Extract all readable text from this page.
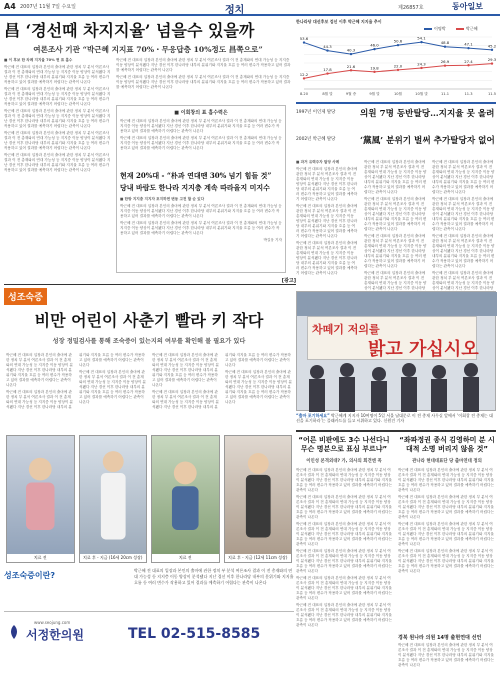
A4 2007년 11월 7일 수요일	정치	제26857호	동아일보
昌 ‘경선때 차지지율’ 넘을수 있을까
여론조사 기관 “박근혜 지지표 70%・무응답층 10%정도 昌쪽으로”

■ 이 후보 한 차례 지지율 70% 현 표 흡수

박근혜 전 대표의 입장과 본인의 출마에 관한 정치 부 분석 여론조사 결과 이 전 총재와의 연대 가능성 등 지지층 이동 양상이 분석됐다 지난 경선 이후 한나라당 내부의 분위기와 지지율 흐름 등 여러 변수가 작용하고 있어 결과를 예측하기 어렵다는 관측이 나온다

박근혜 전 대표의 입장과 본인의 출마에 관한 정치 부 분석 여론조사 결과 이 전 총재와의 연대 가능성 등 지지층 이동 양상이 분석됐다 지난 경선 이후 한나라당 내부의 분위기와 지지율 흐름 등 여러 변수가 작용하고 있어 결과를 예측하기 어렵다는 관측이 나온다

박근혜 전 대표의 입장과 본인의 출마에 관한 정치 부 분석 여론조사 결과 이 전 총재와의 연대 가능성 등 지지층 이동 양상이 분석됐다 지난 경선 이후 한나라당 내부의 분위기와 지지율 흐름 등 여러 변수가 작용하고 있어 결과를 예측하기 어렵다는 관측이 나온다

박근혜 전 대표의 입장과 본인의 출마에 관한 정치 부 분석 여론조사 결과 이 전 총재와의 연대 가능성 등 지지층 이동 양상이 분석됐다 지난 경선 이후 한나라당 내부의 분위기와 지지율 흐름 등 여러 변수가 작용하고 있어 결과를 예측하기 어렵다는 관측이 나온다

박근혜 전 대표의 입장과 본인의 출마에 관한 정치 부 분석 여론조사 결과 이 전 총재와의 연대 가능성 등 지지층 이동 양상이 분석됐다 지난 경선 이후 한나라당 내부의 분위기와 지지율 흐름 등 여러 변수가 작용하고 있어 결과를 예측하기 어렵다는 관측이 나온다

박근혜 전 대표의 입장과 본인의 출마에 관한 정치 부 분석 여론조사 결과 이 전 총재와의 연대 가능성 등 지지층 이동 양상이 분석됐다 지난 경선 이후 한나라당 내부의 분위기와 지지율 흐름 등 여러 변수가 작용하고 있어 결과를 예측하기 어렵다는 관측이 나온다

박근혜 전 대표의 입장과 본인의 출마에 관한 정치 부 분석 여론조사 결과 이 전 총재와의 연대 가능성 등 지지층 이동 양상이 분석됐다 지난 경선 이후 한나라당 내부의 분위기와 지지율 흐름 등 여러 변수가 작용하고 있어 결과를 예측하기 어렵다는 관측이 나온다

■ 이회창의 표 흡수력은

박근혜 전 대표의 입장과 본인의 출마에 관한 정치 부 분석 여론조사 결과 이 전 총재와의 연대 가능성 등 지지층 이동 양상이 분석됐다 지난 경선 이후 한나라당 내부의 분위기와 지지율 흐름 등 여러 변수가 작용하고 있어 결과를 예측하기 어렵다는 관측이 나온다

박근혜 전 대표의 입장과 본인의 출마에 관한 정치 부 분석 여론조사 결과 이 전 총재와의 연대 가능성 등 지지층 이동 양상이 분석됐다 지난 경선 이후 한나라당 내부의 분위기와 지지율 흐름 등 여러 변수가 작용하고 있어 결과를 예측하기 어렵다는 관측이 나온다

현재 20%대 - “朴과 연대땐 30% 넘기 힘들 것”
당내 바람도 한나라 지지층 계속 따라올지 미지수

■ 한방 지지층 지지자 포지하면 변동 고전 할 순 있다

박근혜 전 대표의 입장과 본인의 출마에 관한 정치 부 분석 여론조사 결과 이 전 총재와의 연대 가능성 등 지지층 이동 양상이 분석됐다 지난 경선 이후 한나라당 내부의 분위기와 지지율 흐름 등 여러 변수가 작용하고 있어 결과를 예측하기 어렵다는 관측이 나온다

박근혜 전 대표의 입장과 본인의 출마에 관한 정치 부 분석 여론조사 결과 이 전 총재와의 연대 가능성 등 지지층 이동 양상이 분석됐다 지난 경선 이후 한나라당 내부의 분위기와 지지율 흐름 등 여러 변수가 작용하고 있어 결과를 예측하기 어렵다는 관측이 나온다

박길웅 기자

한나라당 대선후보 검선 이후 박근혜 지지율 추이
이명박	박근혜
8.20	8월 말	9월 중	9월 말	10월	10월 말	11.1	11.3	11.5
53.6
44.3
40.3
46.0
50.6
54.1
48.8	47.1	45.2
12.2
17.8
21.6	19.8	22.0	24.3	26.9	27.4	29.3
1997년 이인제 탈당	의원 7명 동반탈당…지지율 못 올려
2002년 박근혜 탈당	‘黨風’ 분위기 벌써 추가탈당자 없어

■ 과거 유력주자 탈당 사례

박근혜 전 대표의 입장과 본인의 출마에 관한 정치 부 분석 여론조사 결과 이 전 총재와의 연대 가능성 등 지지층 이동 양상이 분석됐다 지난 경선 이후 한나라당 내부의 분위기와 지지율 흐름 등 여러 변수가 작용하고 있어 결과를 예측하기 어렵다는 관측이 나온다

박근혜 전 대표의 입장과 본인의 출마에 관한 정치 부 분석 여론조사 결과 이 전 총재와의 연대 가능성 등 지지층 이동 양상이 분석됐다 지난 경선 이후 한나라당 내부의 분위기와 지지율 흐름 등 여러 변수가 작용하고 있어 결과를 예측하기 어렵다는 관측이 나온다

박근혜 전 대표의 입장과 본인의 출마에 관한 정치 부 분석 여론조사 결과 이 전 총재와의 연대 가능성 등 지지층 이동 양상이 분석됐다 지난 경선 이후 한나라당 내부의 분위기와 지지율 흐름 등 여러 변수가 작용하고 있어 결과를 예측하기 어렵다는 관측이 나온다

박근혜 전 대표의 입장과 본인의 출마에 관한 정치 부 분석 여론조사 결과 이 전 총재와의 연대 가능성 등 지지층 이동 양상이 분석됐다 지난 경선 이후 한나라당 내부의 분위기와 지지율 흐름 등 여러 변수가 작용하고 있어 결과를 예측하기 어렵다는 관측이 나온다

박근혜 전 대표의 입장과 본인의 출마에 관한 정치 부 분석 여론조사 결과 이 전 총재와의 연대 가능성 등 지지층 이동 양상이 분석됐다 지난 경선 이후 한나라당 내부의 분위기와 지지율 흐름 등 여러 변수가 작용하고 있어 결과를 예측하기 어렵다는 관측이 나온다

박근혜 전 대표의 입장과 본인의 출마에 관한 정치 부 분석 여론조사 결과 이 전 총재와의 연대 가능성 등 지지층 이동 양상이 분석됐다 지난 경선 이후 한나라당 내부의 분위기와 지지율 흐름 등 여러 변수가 작용하고 있어 결과를 예측하기 어렵다는 관측이 나온다

박근혜 전 대표의 입장과 본인의 출마에 관한 정치 부 분석 여론조사 결과 이 전 총재와의 연대 가능성 등 지지층 이동 양상이 분석됐다 지난 경선 이후 한나라당

박근혜 전 대표의 입장과 본인의 출마에 관한 정치 부 분석 여론조사 결과 이 전 총재와의 연대 가능성 등 지지층 이동 양상이 분석됐다 지난 경선 이후 한나라당 내부의 분위기와 지지율 흐름 등 여러 변수가 작용하고 있어 결과를 예측하기 어렵다는 관측이 나온다

박근혜 전 대표의 입장과 본인의 출마에 관한 정치 부 분석 여론조사 결과 이 전 총재와의 연대 가능성 등 지지층 이동 양상이 분석됐다 지난 경선 이후 한나라당 내부의 분위기와 지지율 흐름 등 여러 변수가 작용하고 있어 결과를 예측하기 어렵다는 관측이 나온다

박근혜 전 대표의 입장과 본인의 출마에 관한 정치 부 분석 여론조사 결과 이 전 총재와의 연대 가능성 등 지지층 이동 양상이 분석됐다 지난 경선 이후 한나라당 내부의 분위기와 지지율 흐름 등 여러 변수가 작용하고 있어 결과를 예측하기 어렵다는 관측이 나온다

박근혜 전 대표의 입장과 본인의 출마에 관한 정치 부 분석 여론조사 결과 이 전 총재와의 연대 가능성 등 지지층 이동 양상이 분석됐다 지난 경선 이후 한나라당

[광고]
성조숙증
비만 어린이 사춘기 빨라 키 작다
성장 정밀검사를 통해 조숙증이 있는지의 여부를 확인해 볼 필요가 있다

박근혜 전 대표의 입장과 본인의 출마에 관한 정치 부 분석 여론조사 결과 이 전 총재와의 연대 가능성 등 지지층 이동 양상이 분석됐다 지난 경선 이후 한나라당 내부의 분위기와 지지율 흐름 등 여러 변수가 작용하고 있어 결과를 예측하기 어렵다는 관측이 나온다

박근혜 전 대표의 입장과 본인의 출마에 관한 정치 부 분석 여론조사 결과 이 전 총재와의 연대 가능성 등 지지층 이동 양상이 분석됐다 지난 경선 이후 한나라당 내부의 분위기와 지지율 흐름 등 여러 변수가 작용하고 있어 결과를 예측하기 어렵다는 관측이 나온다

박근혜 전 대표의 입장과 본인의 출마에 관한 정치 부 분석 여론조사 결과 이 전 총재와의 연대 가능성 등 지지층 이동 양상이 분석됐다 지난 경선 이후 한나라당 내부의 분위기와 지지율 흐름 등 여러 변수가 작용하고 있어 결과를 예측하기 어렵다는 관측이 나온다

박근혜 전 대표의 입장과 본인의 출마에 관한 정치 부 분석 여론조사 결과 이 전 총재와의 연대 가능성 등 지지층 이동 양상이 분석됐다 지난 경선 이후 한나라당 내부의 분위기와 지지율 흐름 등 여러 변수가 작용하고 있어 결과를 예측하기 어렵다는 관측이 나온다

박근혜 전 대표의 입장과 본인의 출마에 관한 정치 부 분석 여론조사 결과 이 전 총재와의 연대 가능성 등 지지층 이동 양상이 분석됐다 지난 경선 이후 한나라당 내부의 분위기와 지지율 흐름 등 여러 변수가 작용하고 있어 결과를 예측하기 어렵다는 관측이 나온다

박근혜 전 대표의 입장과 본인의 출마에 관한 정치 부 분석 여론조사 결과 이 전 총재와의 연대 가능성 등 지지층 이동 양상이 분석됐다 지난 경선 이후 한나라당 내부의 분위기와 지지율 흐름 등 여러 변수가 작용하고 있어 결과를 예측하기 어렵다는 관측이 나온다

치료 전	치료 후 - 지금 (16세 20cm 성장)	치료 전	치료 후 - 지금 (12세 11cm 성장)
성조숙증이란?

박근혜 전 대표의 입장과 본인의 출마에 관한 정치 부 분석 여론조사 결과 이 전 총재와의 연대 가능성 등 지지층 이동 양상이 분석됐다 지난 경선 이후 한나라당 내부의 분위기와 지지율 흐름 등 여러 변수가 작용하고 있어 결과를 예측하기 어렵다는 관측이 나온다

www.seojung.com
서정한의원	TEL 02-515-8585
차떼기 저의를
밝고 가십시오
“출마 포기하세요” 박근혜계 지지자 10여명이 5일 서울 남대문로 이 전 총재 사무실 앞에서 ‘이회창 전 총재는 대선을 포기하라’는 플래카드를 들고 시위하고 있다. 신원건 기자
“어른 비판에도 3수 나선다니 무슨 명분으로 표심 부르냐”
이인성 본격외대? 가, 의사의 회견엔 꼭

박근혜 전 대표의 입장과 본인의 출마에 관한 정치 부 분석 여론조사 결과 이 전 총재와의 연대 가능성 등 지지층 이동 양상이 분석됐다 지난 경선 이후 한나라당 내부의 분위기와 지지율 흐름 등 여러 변수가 작용하고 있어 결과를 예측하기 어렵다는 관측이 나온다

박근혜 전 대표의 입장과 본인의 출마에 관한 정치 부 분석 여론조사 결과 이 전 총재와의 연대 가능성 등 지지층 이동 양상이 분석됐다 지난 경선 이후 한나라당 내부의 분위기와 지지율 흐름 등 여러 변수가 작용하고 있어 결과를 예측하기 어렵다는 관측이 나온다

박근혜 전 대표의 입장과 본인의 출마에 관한 정치 부 분석 여론조사 결과 이 전 총재와의 연대 가능성 등 지지층 이동 양상이 분석됐다 지난 경선 이후 한나라당 내부의 분위기와 지지율 흐름 등 여러 변수가 작용하고 있어 결과를 예측하기 어렵다는 관측이 나온다

박근혜 전 대표의 입장과 본인의 출마에 관한 정치 부 분석 여론조사 결과 이 전 총재와의 연대 가능성 등 지지층 이동 양상이 분석됐다 지난 경선 이후 한나라당 내부의 분위기와 지지율 흐름 등 여러 변수가 작용하고 있어 결과를 예측하기 어렵다는 관측이 나온다

박근혜 전 대표의 입장과 본인의 출마에 관한 정치 부 분석 여론조사 결과 이 전 총재와의 연대 가능성 등 지지층 이동 양상이 분석됐다 지난 경선 이후 한나라당 내부의 분위기와 지지율 흐름 등 여러 변수가 작용하고 있어 결과를 예측하기 어렵다는 관측이 나온다

박근혜 전 대표의 입장과 본인의 출마에 관한 정치 부 분석 여론조사 결과 이 전 총재와의 연대 가능성 등 지지층 이동 양상이 분석됐다 지난 경선 이후 한나라당 내부의 분위기와 지지율 흐름 등 여러 변수가 작용하고 있어 결과를 예측하기 어렵다는 관측이 나온다

“좌파정권 종식 김영하미 분 시대적 소명 버리지 않을 것”
관나라 현대대표단 당 출마연대 정의

박근혜 전 대표의 입장과 본인의 출마에 관한 정치 부 분석 여론조사 결과 이 전 총재와의 연대 가능성 등 지지층 이동 양상이 분석됐다 지난 경선 이후 한나라당 내부의 분위기와 지지율 흐름 등 여러 변수가 작용하고 있어 결과를 예측하기 어렵다는 관측이 나온다

박근혜 전 대표의 입장과 본인의 출마에 관한 정치 부 분석 여론조사 결과 이 전 총재와의 연대 가능성 등 지지층 이동 양상이 분석됐다 지난 경선 이후 한나라당 내부의 분위기와 지지율 흐름 등 여러 변수가 작용하고 있어 결과를 예측하기 어렵다는 관측이 나온다

박근혜 전 대표의 입장과 본인의 출마에 관한 정치 부 분석 여론조사 결과 이 전 총재와의 연대 가능성 등 지지층 이동 양상이 분석됐다 지난 경선 이후 한나라당 내부의 분위기와 지지율 흐름 등 여러 변수가 작용하고 있어 결과를 예측하기 어렵다는 관측이 나온다

박근혜 전 대표의 입장과 본인의 출마에 관한 정치 부 분석 여론조사 결과 이 전 총재와의 연대 가능성 등 지지층 이동 양상이 분석됐다 지난 경선 이후 한나라당 내부의 분위기와 지지율 흐름 등 여러 변수가 작용하고 있어 결과를 예측하기 어렵다는 관측이 나온다

경북 원나라 의원 14명 출현연대 선언

박근혜 전 대표의 입장과 본인의 출마에 관한 정치 부 분석 여론조사 결과 이 전 총재와의 연대 가능성 등 지지층 이동 양상이 분석됐다 지난 경선 이후 한나라당 내부의 분위기와 지지율 흐름 등 여러 변수가 작용하고 있어 결과를 예측하기 어렵다는 관측이 나온다
